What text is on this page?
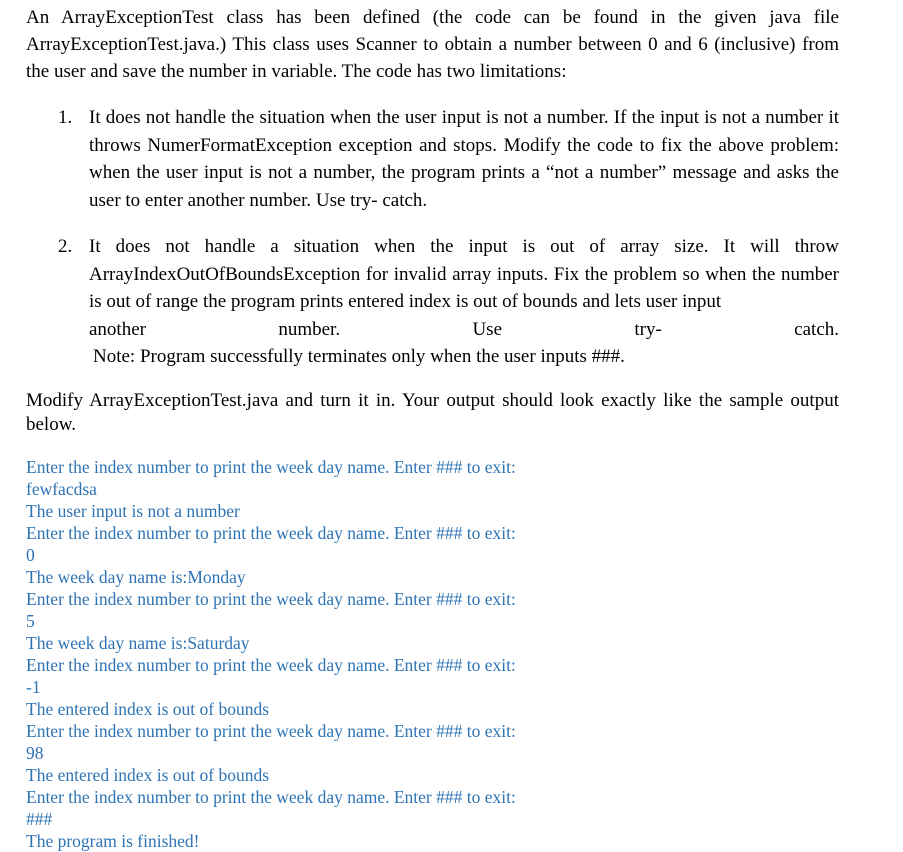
An ArrayExceptionTest class has been defined (the code can be found in the given java file ArrayExceptionTest.java.) This class uses Scanner to obtain a number between 0 and 6 (inclusive) from the user and save the number in variable. The code has two limitations:

1. It does not handle the situation when the user input is not a number. If the input is not a number it throws NumerFormatException exception and stops. Modify the code to fix the above problem: when the user input is not a number, the program prints a “not a number” message and asks the user to enter another number. Use try- catch.
2. It does not handle a situation when the input is out of array size. It will throw ArrayIndexOutOfBoundsException for invalid array inputs. Fix the problem so when the number is out of range the program prints entered index is out of bounds and lets user input
another	number.	Use	try-	catch.
Note: Program successfully terminates only when the user inputs ###.

Modify ArrayExceptionTest.java and turn it in. Your output should look exactly like the sample output below.

Enter the index number to print the week day name. Enter ### to exit:
fewfacdsa
The user input is not a number
Enter the index number to print the week day name. Enter ### to exit:
0
The week day name is:Monday
Enter the index number to print the week day name. Enter ### to exit:
5
The week day name is:Saturday
Enter the index number to print the week day name. Enter ### to exit:
-1
The entered index is out of bounds
Enter the index number to print the week day name. Enter ### to exit:
98
The entered index is out of bounds
Enter the index number to print the week day name. Enter ### to exit:
###
The program is finished!
